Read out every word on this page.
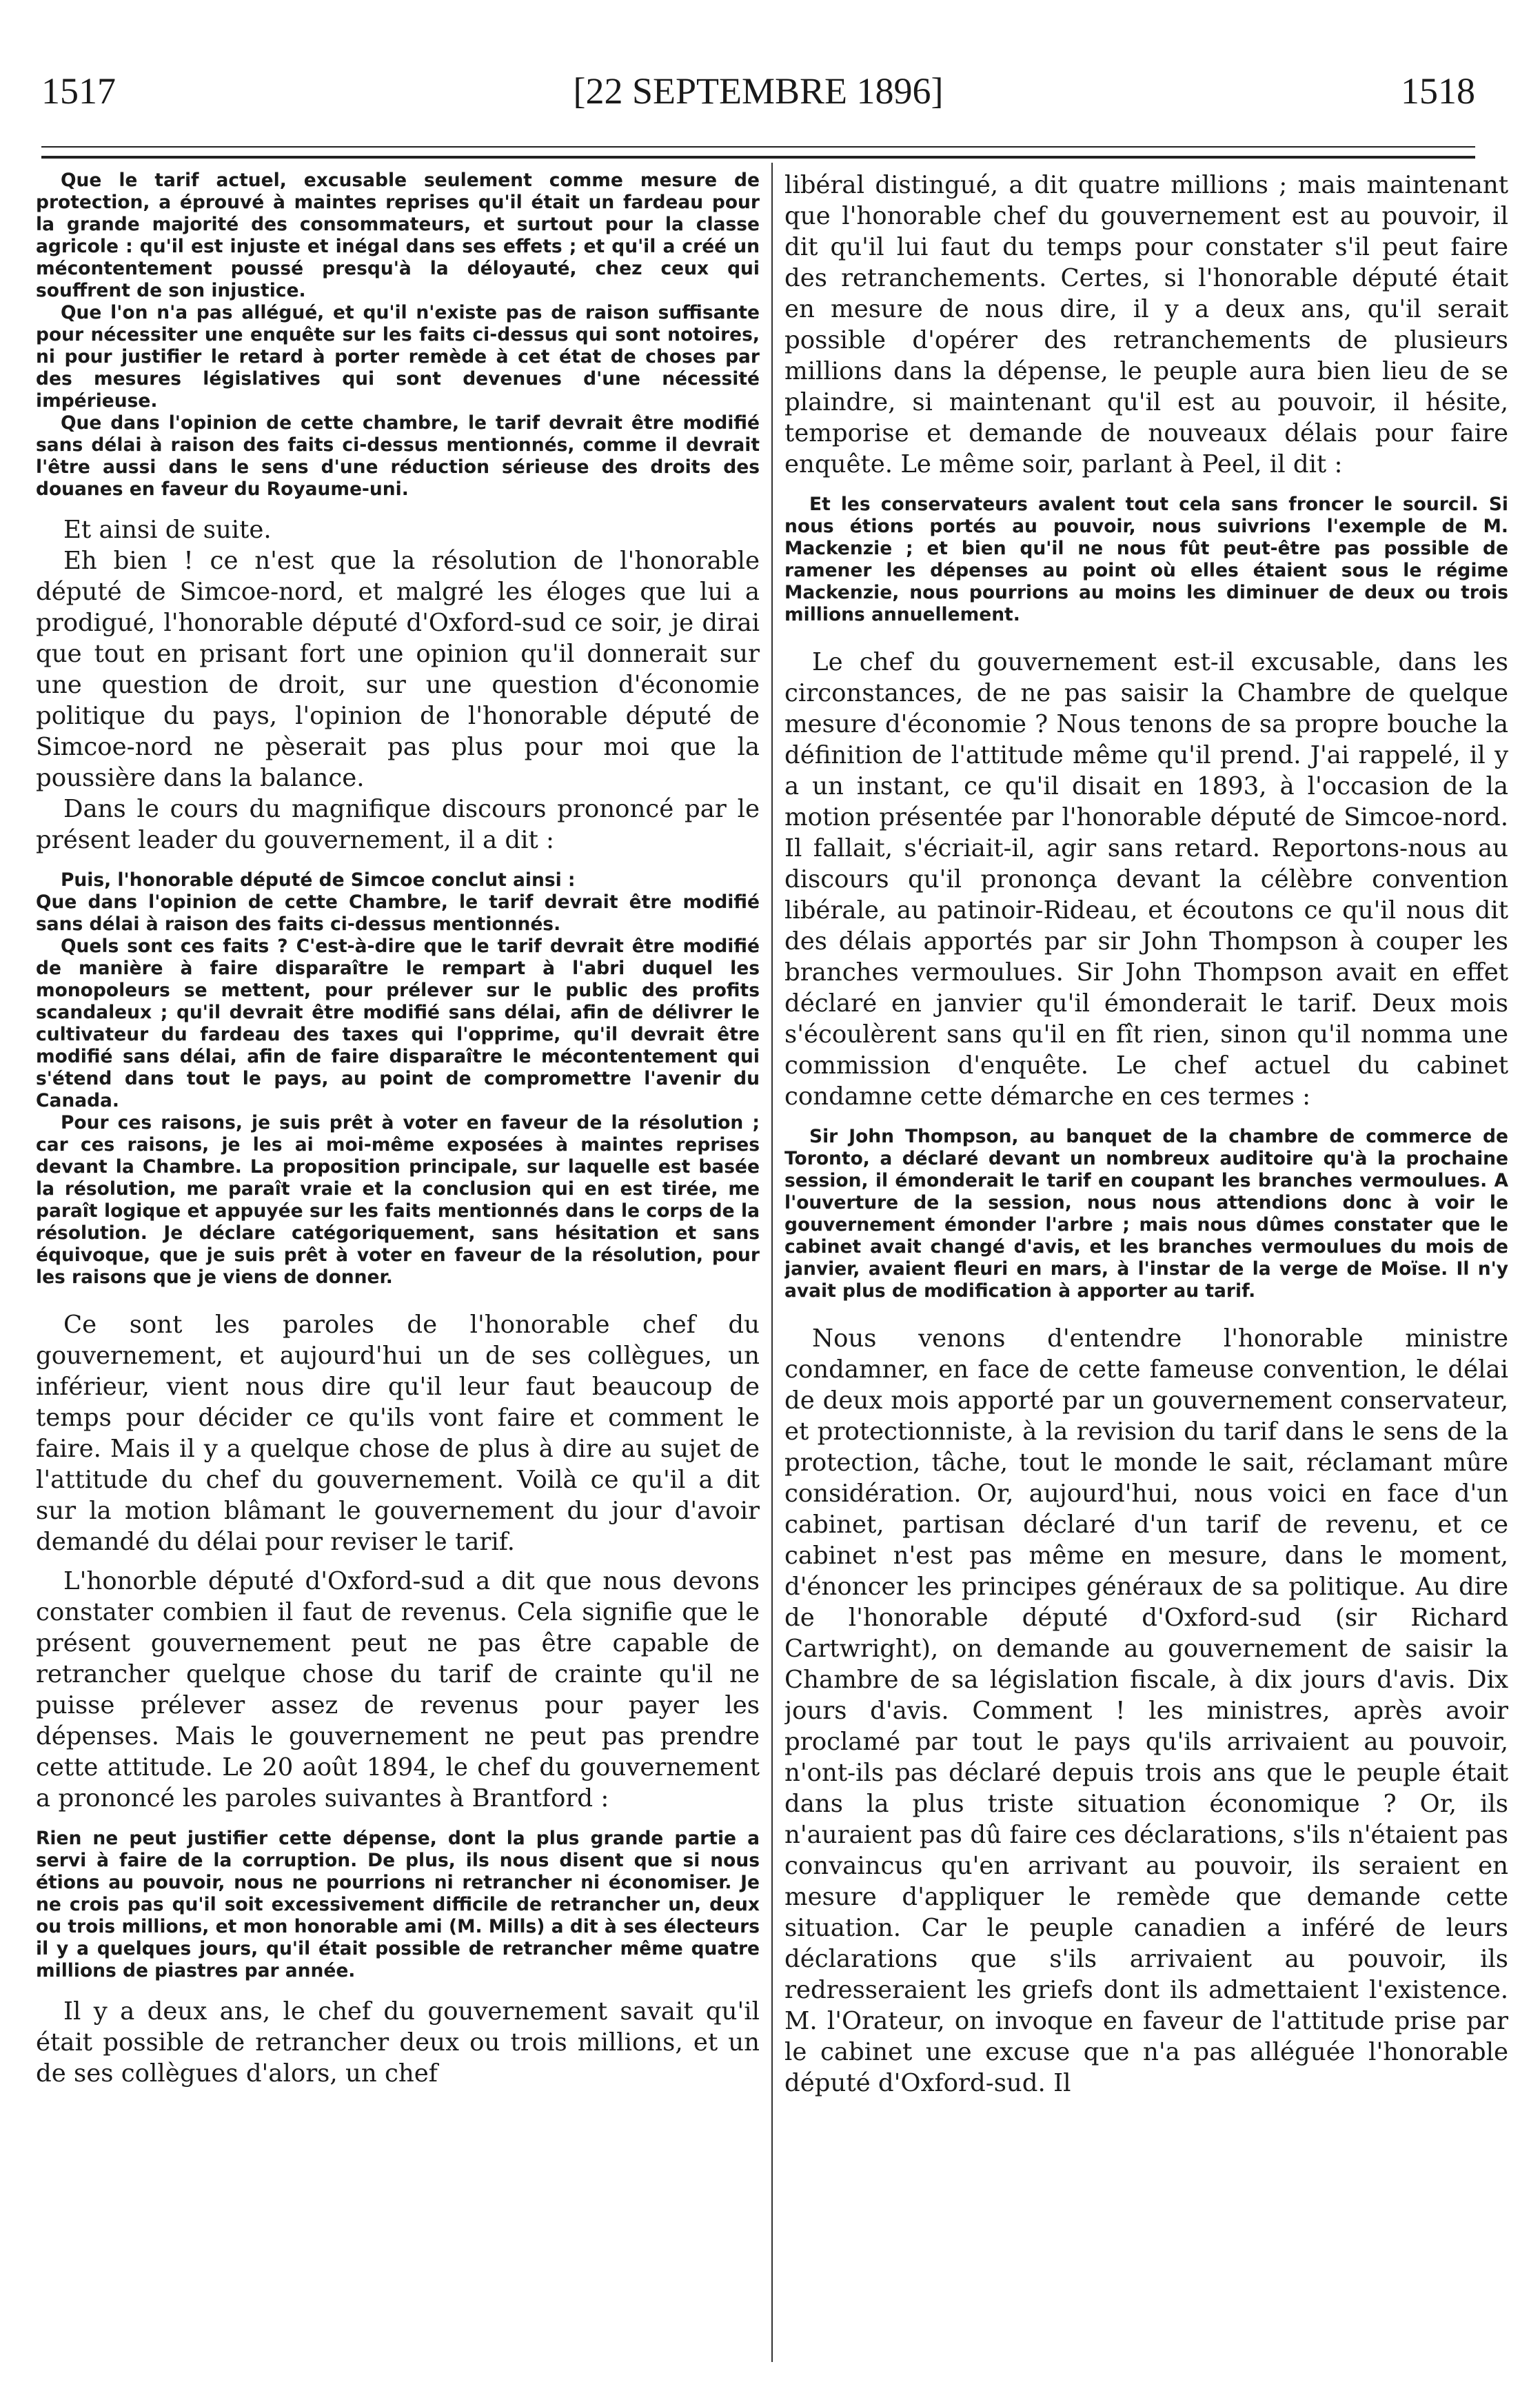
1517	[22 SEPTEMBRE 1896]	1518

Que le tarif actuel, excusable seulement comme mesure de protection, a éprouvé à maintes reprises qu'il était un fardeau pour la grande majorité des consommateurs, et surtout pour la classe agricole : qu'il est injuste et inégal dans ses effets ; et qu'il a créé un mécontentement poussé presqu'à la déloyauté, chez ceux qui souffrent de son injustice.

Que l'on n'a pas allégué, et qu'il n'existe pas de raison suffisante pour nécessiter une enquête sur les faits ci-dessus qui sont notoires, ni pour justifier le retard à porter remède à cet état de choses par des mesures législatives qui sont devenues d'une nécessité impérieuse.

Que dans l'opinion de cette chambre, le tarif devrait être modifié sans délai à raison des faits ci-dessus mentionnés, comme il devrait l'être aussi dans le sens d'une réduction sérieuse des droits des douanes en faveur du Royaume-uni.

Et ainsi de suite.

Eh bien ! ce n'est que la résolution de l'honorable député de Simcoe-nord, et malgré les éloges que lui a prodigué, l'honorable député d'Oxford-sud ce soir, je dirai que tout en prisant fort une opinion qu'il donnerait sur une question de droit, sur une question d'économie politique du pays, l'opinion de l'honorable député de Simcoe-nord ne pèserait pas plus pour moi que la poussière dans la balance.

Dans le cours du magnifique discours prononcé par le présent leader du gouvernement, il a dit :

Puis, l'honorable député de Simcoe conclut ainsi :

Que dans l'opinion de cette Chambre, le tarif devrait être modifié sans délai à raison des faits ci-dessus mentionnés.

Quels sont ces faits ? C'est-à-dire que le tarif devrait être modifié de manière à faire disparaître le rempart à l'abri duquel les monopoleurs se mettent, pour prélever sur le public des profits scandaleux ; qu'il devrait être modifié sans délai, afin de délivrer le cultivateur du fardeau des taxes qui l'opprime, qu'il devrait être modifié sans délai, afin de faire disparaître le mécontentement qui s'étend dans tout le pays, au point de compromettre l'avenir du Canada.

Pour ces raisons, je suis prêt à voter en faveur de la résolution ; car ces raisons, je les ai moi-même exposées à maintes reprises devant la Chambre. La proposition principale, sur laquelle est basée la résolution, me paraît vraie et la conclusion qui en est tirée, me paraît logique et appuyée sur les faits mentionnés dans le corps de la résolution. Je déclare catégoriquement, sans hésitation et sans équivoque, que je suis prêt à voter en faveur de la résolution, pour les raisons que je viens de donner.

Ce sont les paroles de l'honorable chef du gouvernement, et aujourd'hui un de ses collègues, un inférieur, vient nous dire qu'il leur faut beaucoup de temps pour décider ce qu'ils vont faire et comment le faire. Mais il y a quelque chose de plus à dire au sujet de l'attitude du chef du gouvernement. Voilà ce qu'il a dit sur la motion blâmant le gouvernement du jour d'avoir demandé du délai pour reviser le tarif.

L'honorble député d'Oxford-sud a dit que nous devons constater combien il faut de revenus. Cela signifie que le présent gouvernement peut ne pas être capable de retrancher quelque chose du tarif de crainte qu'il ne puisse prélever assez de revenus pour payer les dépenses. Mais le gouvernement ne peut pas prendre cette attitude. Le 20 août 1894, le chef du gouvernement a prononcé les paroles suivantes à Brantford :

Rien ne peut justifier cette dépense, dont la plus grande partie a servi à faire de la corruption. De plus, ils nous disent que si nous étions au pouvoir, nous ne pourrions ni retrancher ni économiser. Je ne crois pas qu'il soit excessivement difficile de retrancher un, deux ou trois millions, et mon honorable ami (M. Mills) a dit à ses électeurs il y a quelques jours, qu'il était possible de retrancher même quatre millions de piastres par année.

Il y a deux ans, le chef du gouvernement savait qu'il était possible de retrancher deux ou trois millions, et un de ses collègues d'alors, un chef

libéral distingué, a dit quatre millions ; mais maintenant que l'honorable chef du gouvernement est au pouvoir, il dit qu'il lui faut du temps pour constater s'il peut faire des retranchements. Certes, si l'honorable député était en mesure de nous dire, il y a deux ans, qu'il serait possible d'opérer des retranchements de plusieurs millions dans la dépense, le peuple aura bien lieu de se plaindre, si maintenant qu'il est au pouvoir, il hésite, temporise et demande de nouveaux délais pour faire enquête. Le même soir, parlant à Peel, il dit :

Et les conservateurs avalent tout cela sans froncer le sourcil. Si nous étions portés au pouvoir, nous suivrions l'exemple de M. Mackenzie ; et bien qu'il ne nous fût peut-être pas possible de ramener les dépenses au point où elles étaient sous le régime Mackenzie, nous pourrions au moins les diminuer de deux ou trois millions annuellement.

Le chef du gouvernement est-il excusable, dans les circonstances, de ne pas saisir la Chambre de quelque mesure d'économie ? Nous tenons de sa propre bouche la définition de l'attitude même qu'il prend. J'ai rappelé, il y a un instant, ce qu'il disait en 1893, à l'occasion de la motion présentée par l'honorable député de Simcoe-nord. Il fallait, s'écriait-il, agir sans retard. Reportons-nous au discours qu'il prononça devant la célèbre convention libérale, au patinoir-Rideau, et écoutons ce qu'il nous dit des délais apportés par sir John Thompson à couper les branches vermoulues. Sir John Thompson avait en effet déclaré en janvier qu'il émonderait le tarif. Deux mois s'écoulèrent sans qu'il en fît rien, sinon qu'il nomma une commission d'enquête. Le chef actuel du cabinet condamne cette démarche en ces termes :

Sir John Thompson, au banquet de la chambre de commerce de Toronto, a déclaré devant un nombreux auditoire qu'à la prochaine session, il émonderait le tarif en coupant les branches vermoulues. A l'ouverture de la session, nous nous attendions donc à voir le gouvernement émonder l'arbre ; mais nous dûmes constater que le cabinet avait changé d'avis, et les branches vermoulues du mois de janvier, avaient fleuri en mars, à l'instar de la verge de Moïse. Il n'y avait plus de modification à apporter au tarif.

Nous venons d'entendre l'honorable ministre condamner, en face de cette fameuse convention, le délai de deux mois apporté par un gouvernement conservateur, et protectionniste, à la revision du tarif dans le sens de la protection, tâche, tout le monde le sait, réclamant mûre considération. Or, aujourd'hui, nous voici en face d'un cabinet, partisan déclaré d'un tarif de revenu, et ce cabinet n'est pas même en mesure, dans le moment, d'énoncer les principes généraux de sa politique. Au dire de l'honorable député d'Oxford-sud (sir Richard Cartwright), on demande au gouvernement de saisir la Chambre de sa législation fiscale, à dix jours d'avis. Dix jours d'avis. Comment ! les ministres, après avoir proclamé par tout le pays qu'ils arrivaient au pouvoir, n'ont-ils pas déclaré depuis trois ans que le peuple était dans la plus triste situation économique ? Or, ils n'auraient pas dû faire ces déclarations, s'ils n'étaient pas convaincus qu'en arrivant au pouvoir, ils seraient en mesure d'appliquer le remède que demande cette situation. Car le peuple canadien a inféré de leurs déclarations que s'ils arrivaient au pouvoir, ils redresseraient les griefs dont ils admettaient l'existence. M. l'Orateur, on invoque en faveur de l'attitude prise par le cabinet une excuse que n'a pas alléguée l'honorable député d'Oxford-sud. Il
